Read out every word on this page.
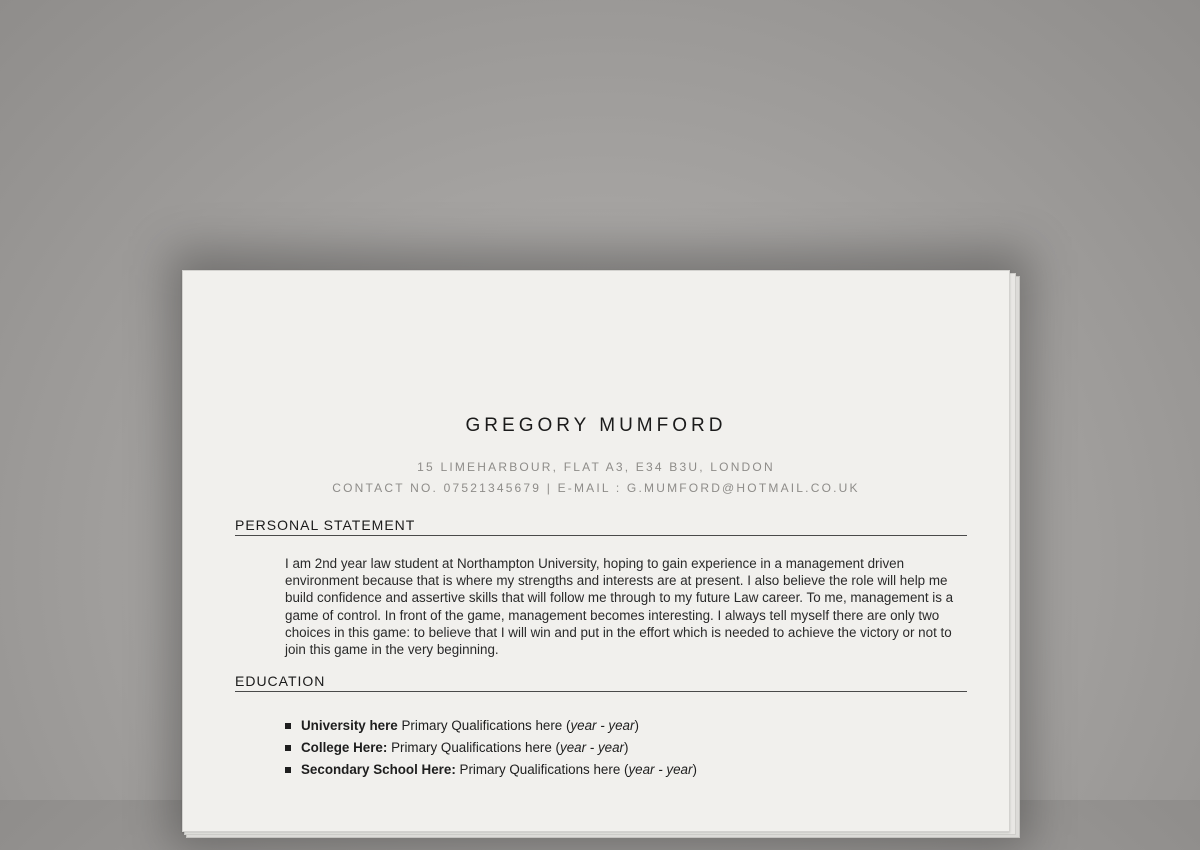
GREGORY MUMFORD
15 LIMEHARBOUR, FLAT A3, E34 B3U, LONDON
CONTACT NO. 07521345679 | E-MAIL : G.MUMFORD@HOTMAIL.CO.UK
PERSONAL STATEMENT

I am 2nd year law student at Northampton University, hoping to gain experience in a management driven environment because that is where my strengths and interests are at present. I also believe the role will help me build confidence and assertive skills that will follow me through to my future Law career. To me, management is a game of control. In front of the game, management becomes interesting. I always tell myself there are only two choices in this game: to believe that I will win and put in the effort which is needed to achieve the victory or not to join this game in the very beginning.

EDUCATION
University here Primary Qualifications here (year - year)
College Here: Primary Qualifications here (year - year)
Secondary School Here: Primary Qualifications here (year - year)
